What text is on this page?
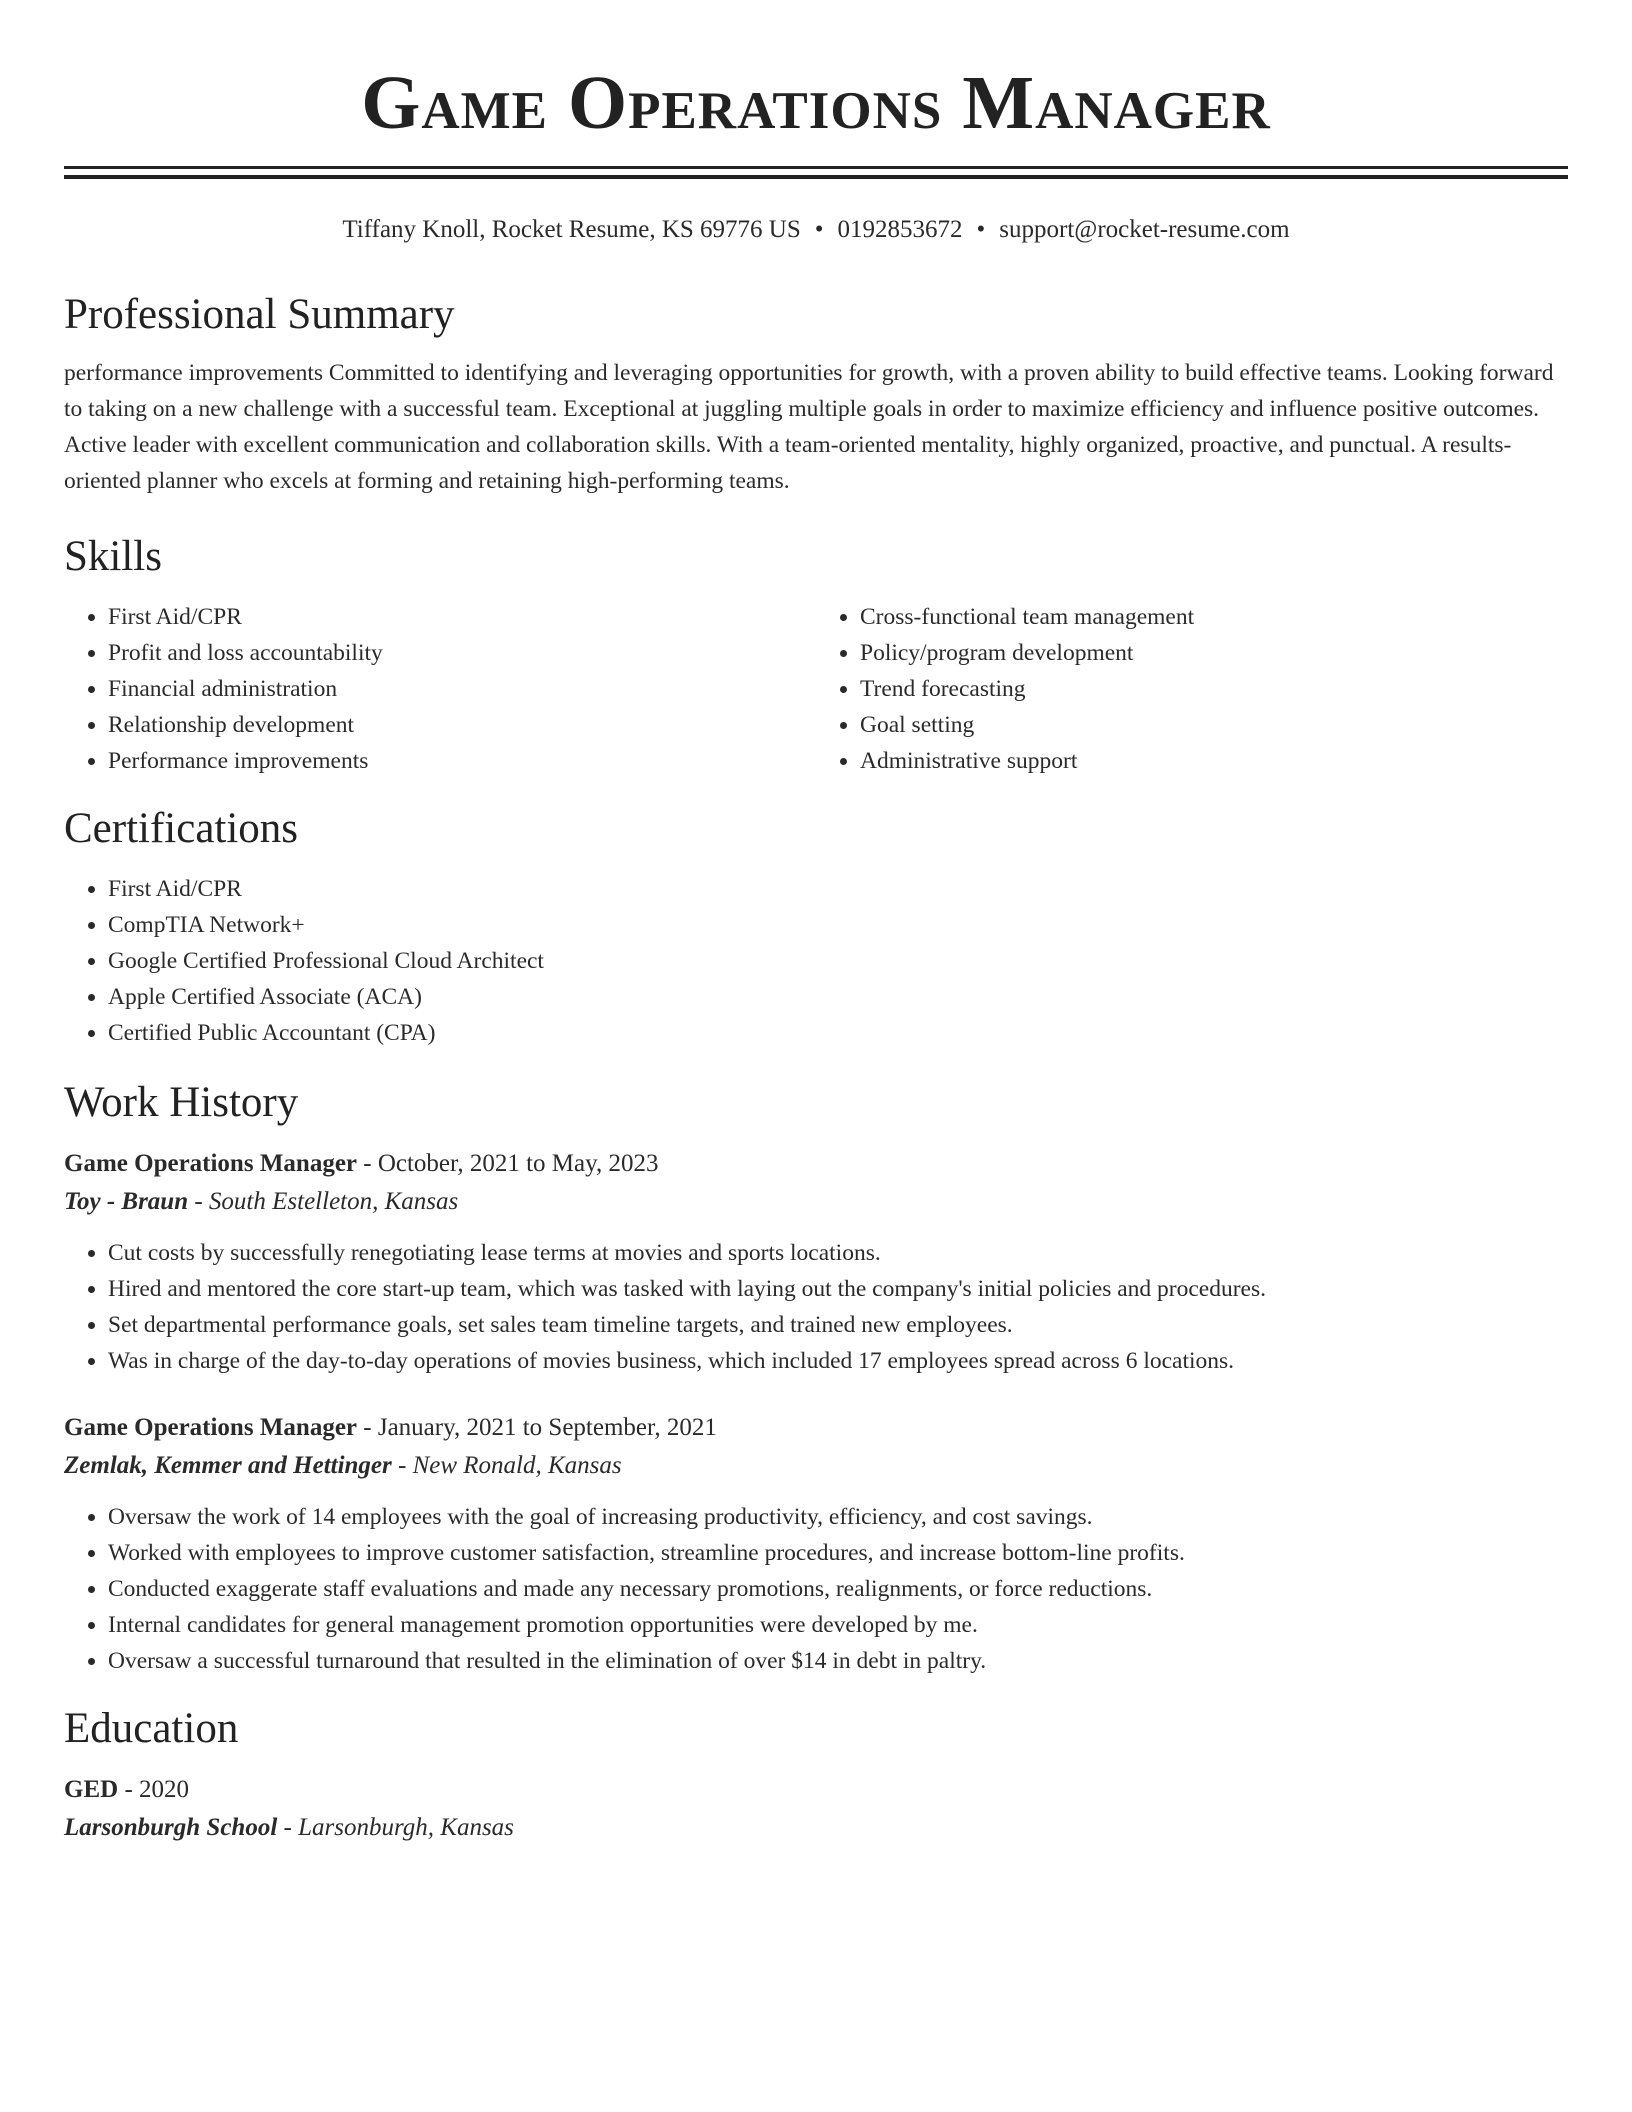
Game Operations Manager
Tiffany Knoll, Rocket Resume, KS 69776 US • 0192853672 • support@rocket-resume.com
Professional Summary

performance improvements Committed to identifying and leveraging opportunities for growth, with a proven ability to build effective teams. Looking forward to taking on a new challenge with a successful team. Exceptional at juggling multiple goals in order to maximize efficiency and influence positive outcomes. Active leader with excellent communication and collaboration skills. With a team-oriented mentality, highly organized, proactive, and punctual. A results-oriented planner who excels at forming and retaining high-performing teams.

Skills
• First Aid/CPR
• Profit and loss accountability
• Financial administration
• Relationship development
• Performance improvements
• Cross-functional team management
• Policy/program development
• Trend forecasting
• Goal setting
• Administrative support
Certifications
• First Aid/CPR
• CompTIA Network+
• Google Certified Professional Cloud Architect
• Apple Certified Associate (ACA)
• Certified Public Accountant (CPA)
Work History
Game Operations Manager - October, 2021 to May, 2023
Toy - Braun - South Estelleton, Kansas
• Cut costs by successfully renegotiating lease terms at movies and sports locations.
• Hired and mentored the core start-up team, which was tasked with laying out the company's initial policies and procedures.
• Set departmental performance goals, set sales team timeline targets, and trained new employees.
• Was in charge of the day-to-day operations of movies business, which included 17 employees spread across 6 locations.
Game Operations Manager - January, 2021 to September, 2021
Zemlak, Kemmer and Hettinger - New Ronald, Kansas
• Oversaw the work of 14 employees with the goal of increasing productivity, efficiency, and cost savings.
• Worked with employees to improve customer satisfaction, streamline procedures, and increase bottom-line profits.
• Conducted exaggerate staff evaluations and made any necessary promotions, realignments, or force reductions.
• Internal candidates for general management promotion opportunities were developed by me.
• Oversaw a successful turnaround that resulted in the elimination of over $14 in debt in paltry.
Education
GED - 2020
Larsonburgh School - Larsonburgh, Kansas
